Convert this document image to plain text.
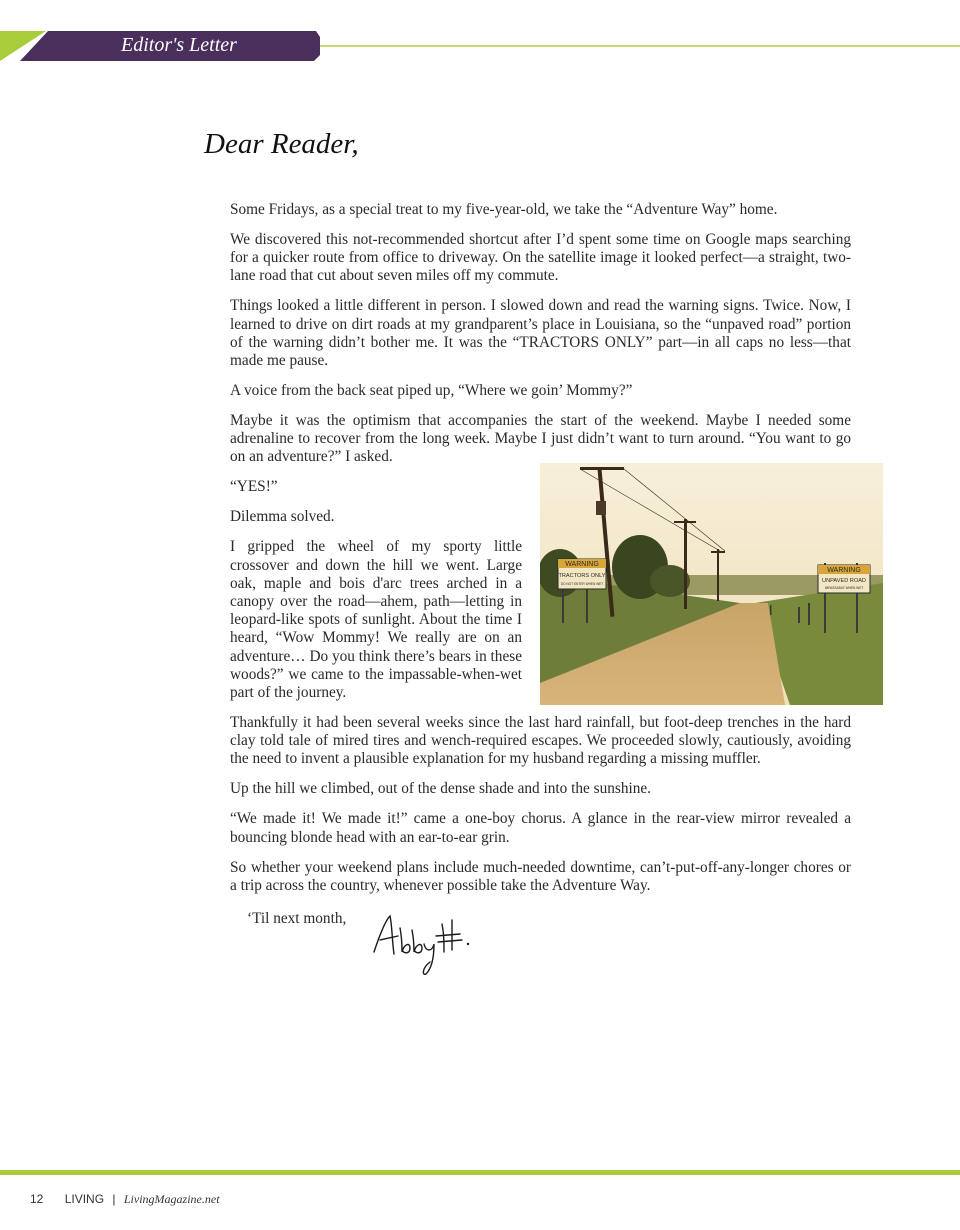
Editor's Letter
Dear Reader,

Some Fridays, as a special treat to my five-year-old, we take the “Adventure Way” home.

We discovered this not-recommended shortcut after I’d spent some time on Google maps searching for a quicker route from office to driveway. On the satellite image it looked perfect—a straight, two-lane road that cut about seven miles off my commute.

Things looked a little different in person. I slowed down and read the warning signs. Twice. Now, I learned to drive on dirt roads at my grandparent’s place in Louisiana, so the “unpaved road” portion of the warning didn’t bother me. It was the “TRACTORS ONLY” part—in all caps no less—that made me pause.

A voice from the back seat piped up, “Where we goin’ Mommy?”

Maybe it was the optimism that accompanies the start of the weekend. Maybe I needed some adrenaline to recover from the long week. Maybe I just didn’t want to turn around. “You want to go on an adventure?” I asked.

“YES!”

Dilemma solved.

I gripped the wheel of my sporty little crossover and down the hill we went. Large oak, maple and bois d'arc trees arched in a canopy over the road—ahem, path—letting in leopard-like spots of sunlight. About the time I heard, “Wow Mommy! We really are on an adventure… Do you think there’s bears in these woods?” we came to the impassable-when-wet part of the journey.

Thankfully it had been several weeks since the last hard rainfall, but foot-deep trenches in the hard clay told tale of mired tires and wench-required escapes. We proceeded slowly, cautiously, avoiding the need to invent a plausible explanation for my husband regarding a missing muffler.

Up the hill we climbed, out of the dense shade and into the sunshine.

“We made it! We made it!” came a one-boy chorus. A glance in the rear-view mirror revealed a bouncing blonde head with an ear-to-ear grin.

So whether your weekend plans include much-needed downtime, can’t-put-off-any-longer chores or a trip across the country, whenever possible take the Adventure Way.

WARNING
TRACTORS ONLY
DO NOT ENTER WHEN WET
WARNING
UNPAVED ROAD
IMPASSABLE WHEN WET
‘Til next month,
12 LIVING | LivingMagazine.net
